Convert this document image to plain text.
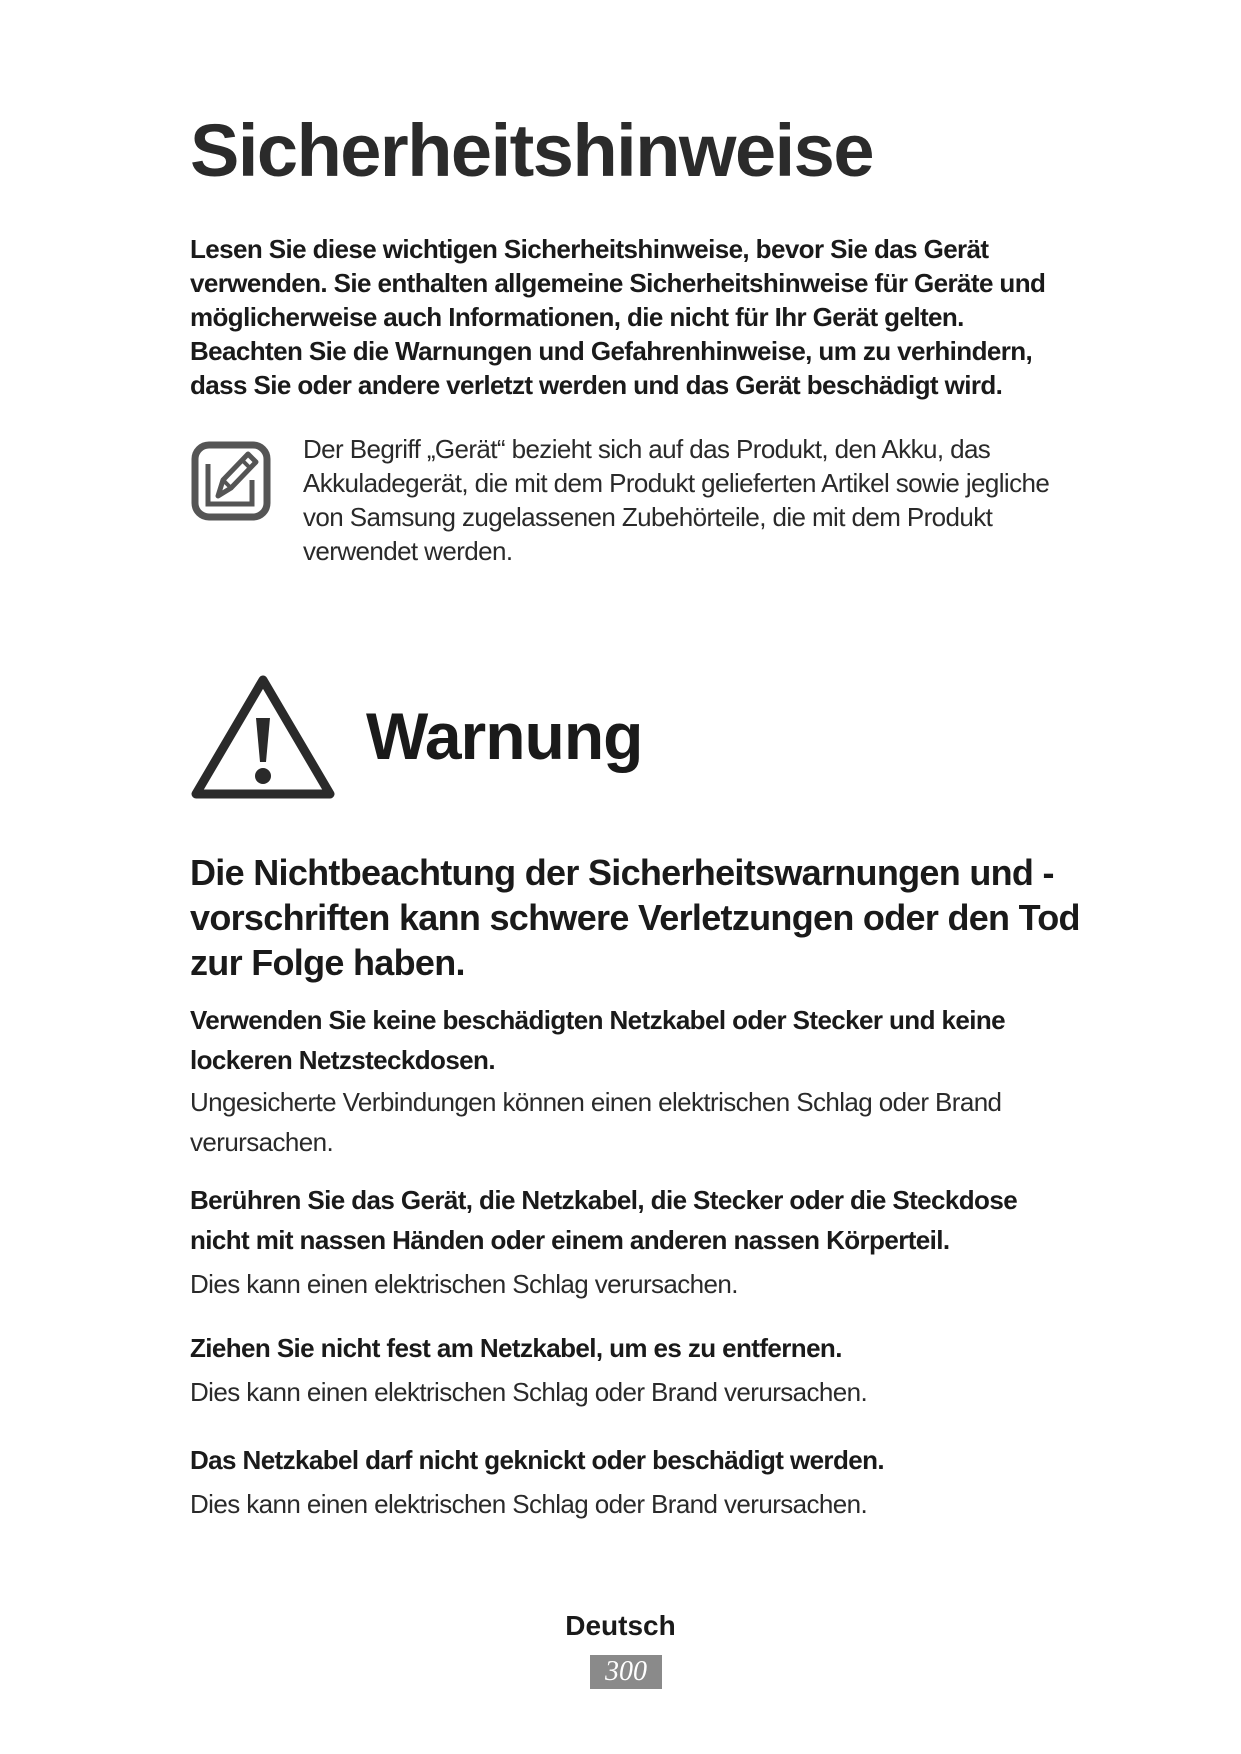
Sicherheitshinweise

Lesen Sie diese wichtigen Sicherheitshinweise, bevor Sie das Gerät verwenden. Sie enthalten allgemeine Sicherheitshinweise für Geräte und möglicherweise auch Informationen, die nicht für Ihr Gerät gelten. Beachten Sie die Warnungen und Gefahrenhinweise, um zu verhindern, dass Sie oder andere verletzt werden und das Gerät beschädigt wird.

Der Begriff „Gerät“ bezieht sich auf das Produkt, den Akku, das Akkuladegerät, die mit dem Produkt gelieferten Artikel sowie jegliche von Samsung zugelassenen Zubehörteile, die mit dem Produkt verwendet werden.

Warnung
Die Nichtbeachtung der Sicherheitswarnungen und -vorschriften kann schwere Verletzungen oder den Tod zur Folge haben.

Verwenden Sie keine beschädigten Netzkabel oder Stecker und keine lockeren Netzsteckdosen.

Ungesicherte Verbindungen können einen elektrischen Schlag oder Brand verursachen.

Berühren Sie das Gerät, die Netzkabel, die Stecker oder die Steckdose nicht mit nassen Händen oder einem anderen nassen Körperteil.

Dies kann einen elektrischen Schlag verursachen.

Ziehen Sie nicht fest am Netzkabel, um es zu entfernen.

Dies kann einen elektrischen Schlag oder Brand verursachen.

Das Netzkabel darf nicht geknickt oder beschädigt werden.

Dies kann einen elektrischen Schlag oder Brand verursachen.

Deutsch
300
